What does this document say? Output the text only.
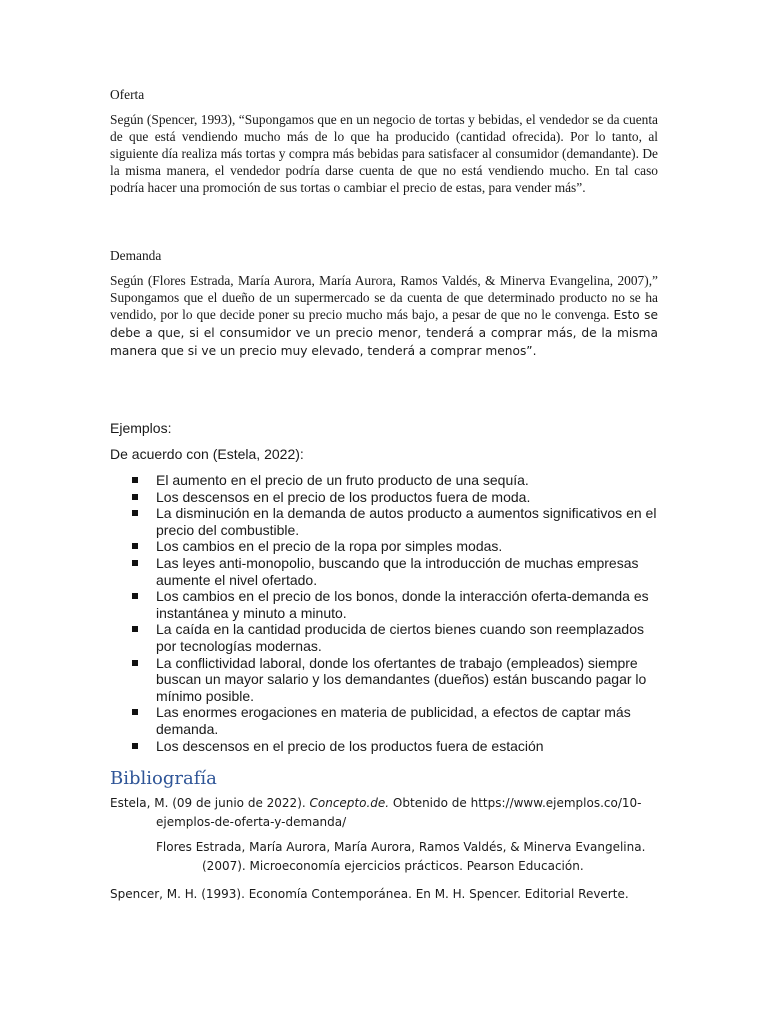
Oferta

Según (Spencer, 1993), “Supongamos que en un negocio de tortas y bebidas, el vendedor se da cuenta de que está vendiendo mucho más de lo que ha producido (cantidad ofrecida). Por lo tanto, al siguiente día realiza más tortas y compra más bebidas para satisfacer al consumidor (demandante). De la misma manera, el vendedor podría darse cuenta de que no está vendiendo mucho. En tal caso podría hacer una promoción de sus tortas o cambiar el precio de estas, para vender más”.

Demanda

Según (Flores Estrada, María Aurora, María Aurora, Ramos Valdés, & Minerva Evangelina, 2007),” Supongamos que el dueño de un supermercado se da cuenta de que determinado producto no se ha vendido, por lo que decide poner su precio mucho más bajo, a pesar de que no le convenga. Esto se debe a que, si el consumidor ve un precio menor, tenderá a comprar más, de la misma manera que si ve un precio muy elevado, tenderá a comprar menos”.

Ejemplos:

De acuerdo con (Estela, 2022):

El aumento en el precio de un fruto producto de una sequía.
Los descensos en el precio de los productos fuera de moda.
La disminución en la demanda de autos producto a aumentos significativos en el precio del combustible.
Los cambios en el precio de la ropa por simples modas.
Las leyes anti-monopolio, buscando que la introducción de muchas empresas aumente el nivel ofertado.
Los cambios en el precio de los bonos, donde la interacción oferta-demanda es instantánea y minuto a minuto.
La caída en la cantidad producida de ciertos bienes cuando son reemplazados por tecnologías modernas.
La conflictividad laboral, donde los ofertantes de trabajo (empleados) siempre buscan un mayor salario y los demandantes (dueños) están buscando pagar lo mínimo posible.
Las enormes erogaciones en materia de publicidad, a efectos de captar más demanda.
Los descensos en el precio de los productos fuera de estación
Bibliografía

Estela, M. (09 de junio de 2022). Concepto.de. Obtenido de https://www.ejemplos.co/10-
ejemplos-de-oferta-y-demanda/

Flores Estrada, María Aurora, María Aurora, Ramos Valdés, & Minerva Evangelina.
(2007). Microeconomía ejercicios prácticos. Pearson Educación.

Spencer, M. H. (1993). Economía Contemporánea. En M. H. Spencer. Editorial Reverte.
